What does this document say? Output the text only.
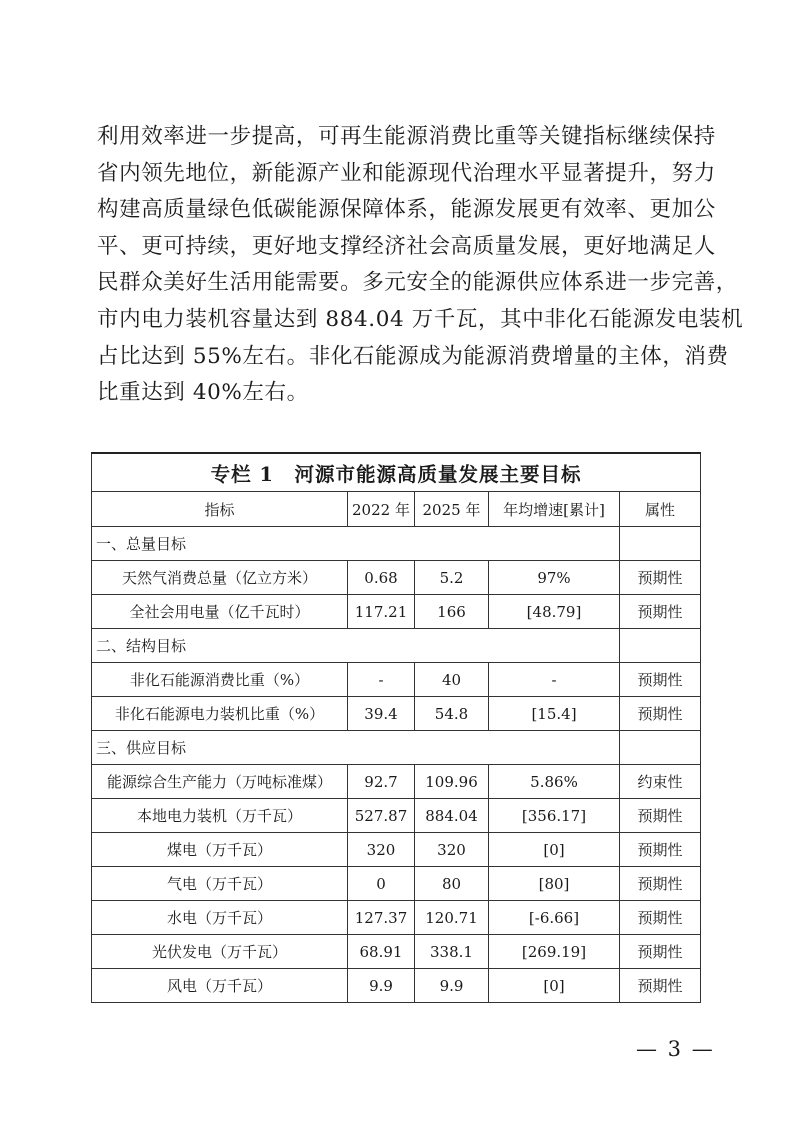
利用效率进一步提高，可再生能源消费比重等关键指标继续保持
省内领先地位，新能源产业和能源现代治理水平显著提升，努力
构建高质量绿色低碳能源保障体系，能源发展更有效率、更加公
平、更可持续，更好地支撑经济社会高质量发展，更好地满足人
民群众美好生活用能需要。多元安全的能源供应体系进一步完善，
市内电力装机容量达到 884.04 万千瓦，其中非化石能源发电装机
占比达到 55%左右。非化石能源成为能源消费增量的主体，消费
比重达到 40%左右。

专栏 1　河源市能源高质量发展主要目标				
指标	2022 年	2025 年	年均增速[累计]	属性
一、总量目标				
天然气消费总量（亿立方米）	0.68	5.2	97%	预期性
全社会用电量（亿千瓦时）	117.21	166	[48.79]	预期性
二、结构目标				
非化石能源消费比重（%）	-	40	-	预期性
非化石能源电力装机比重（%）	39.4	54.8	[15.4]	预期性
三、供应目标				
能源综合生产能力（万吨标准煤）	92.7	109.96	5.86%	约束性
本地电力装机（万千瓦）	527.87	884.04	[356.17]	预期性
煤电（万千瓦）	320	320	[0]	预期性
气电（万千瓦）	0	80	[80]	预期性
水电（万千瓦）	127.37	120.71	[-6.66]	预期性
光伏发电（万千瓦）	68.91	338.1	[269.19]	预期性
风电（万千瓦）	9.9	9.9	[0]	预期性
— 3 —
